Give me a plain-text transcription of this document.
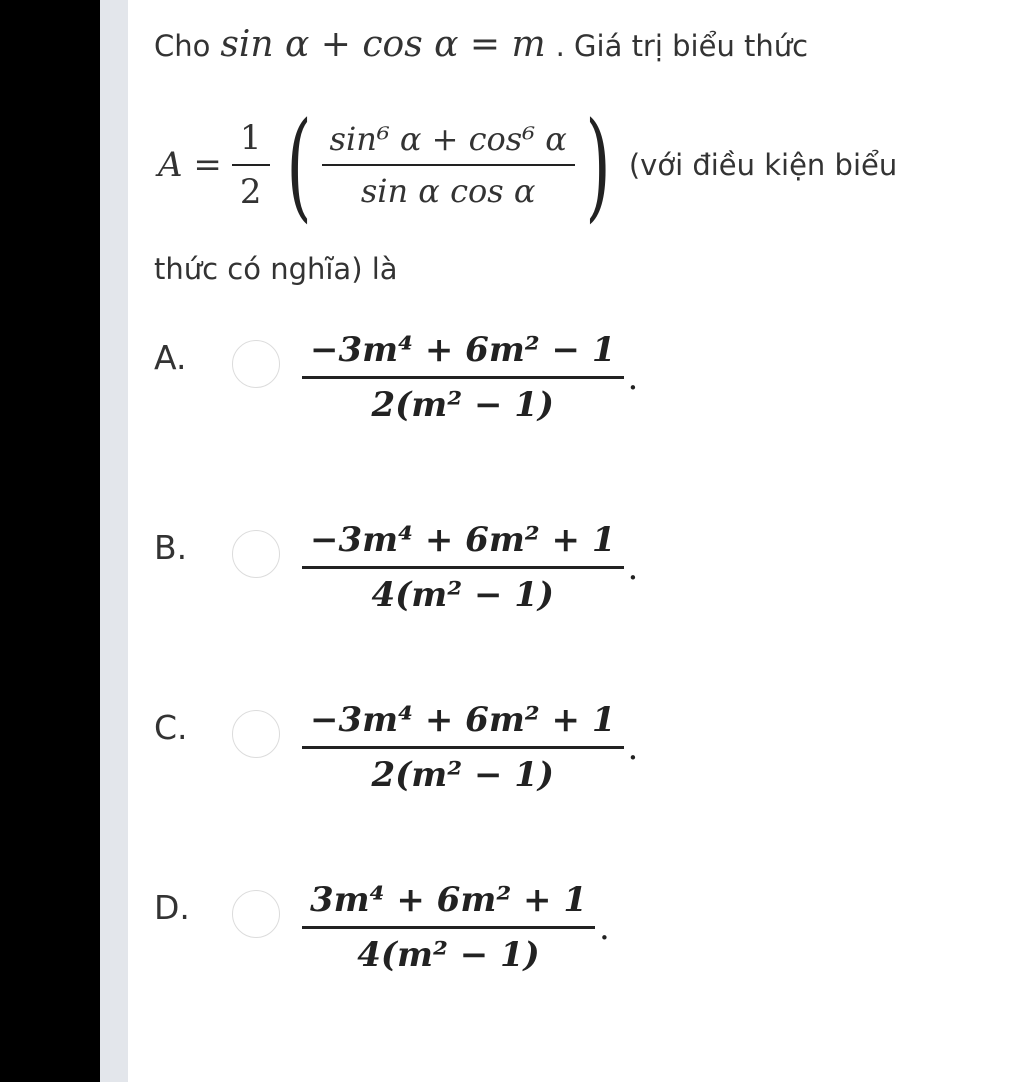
Cho sin α + cos α = m . Giá trị biểu thức
$A = \frac{1}{2}$ ( $\frac{\text{sin⁶ α + cos⁶ α}}{\text{sin α cos α}}$ ) (với điều kiện biểu
thức có nghĩa) là
A.	$\frac{\text{−3m⁴ + 6m² − 1}}{\text{2(m² − 1)}}$ .
B.	$\frac{\text{−3m⁴ + 6m² + 1}}{\text{4(m² − 1)}}$ .
C.	$\frac{\text{−3m⁴ + 6m² + 1}}{\text{2(m² − 1)}}$ .
D.	$\frac{\text{3m⁴ + 6m² + 1}}{\text{4(m² − 1)}}$ .
